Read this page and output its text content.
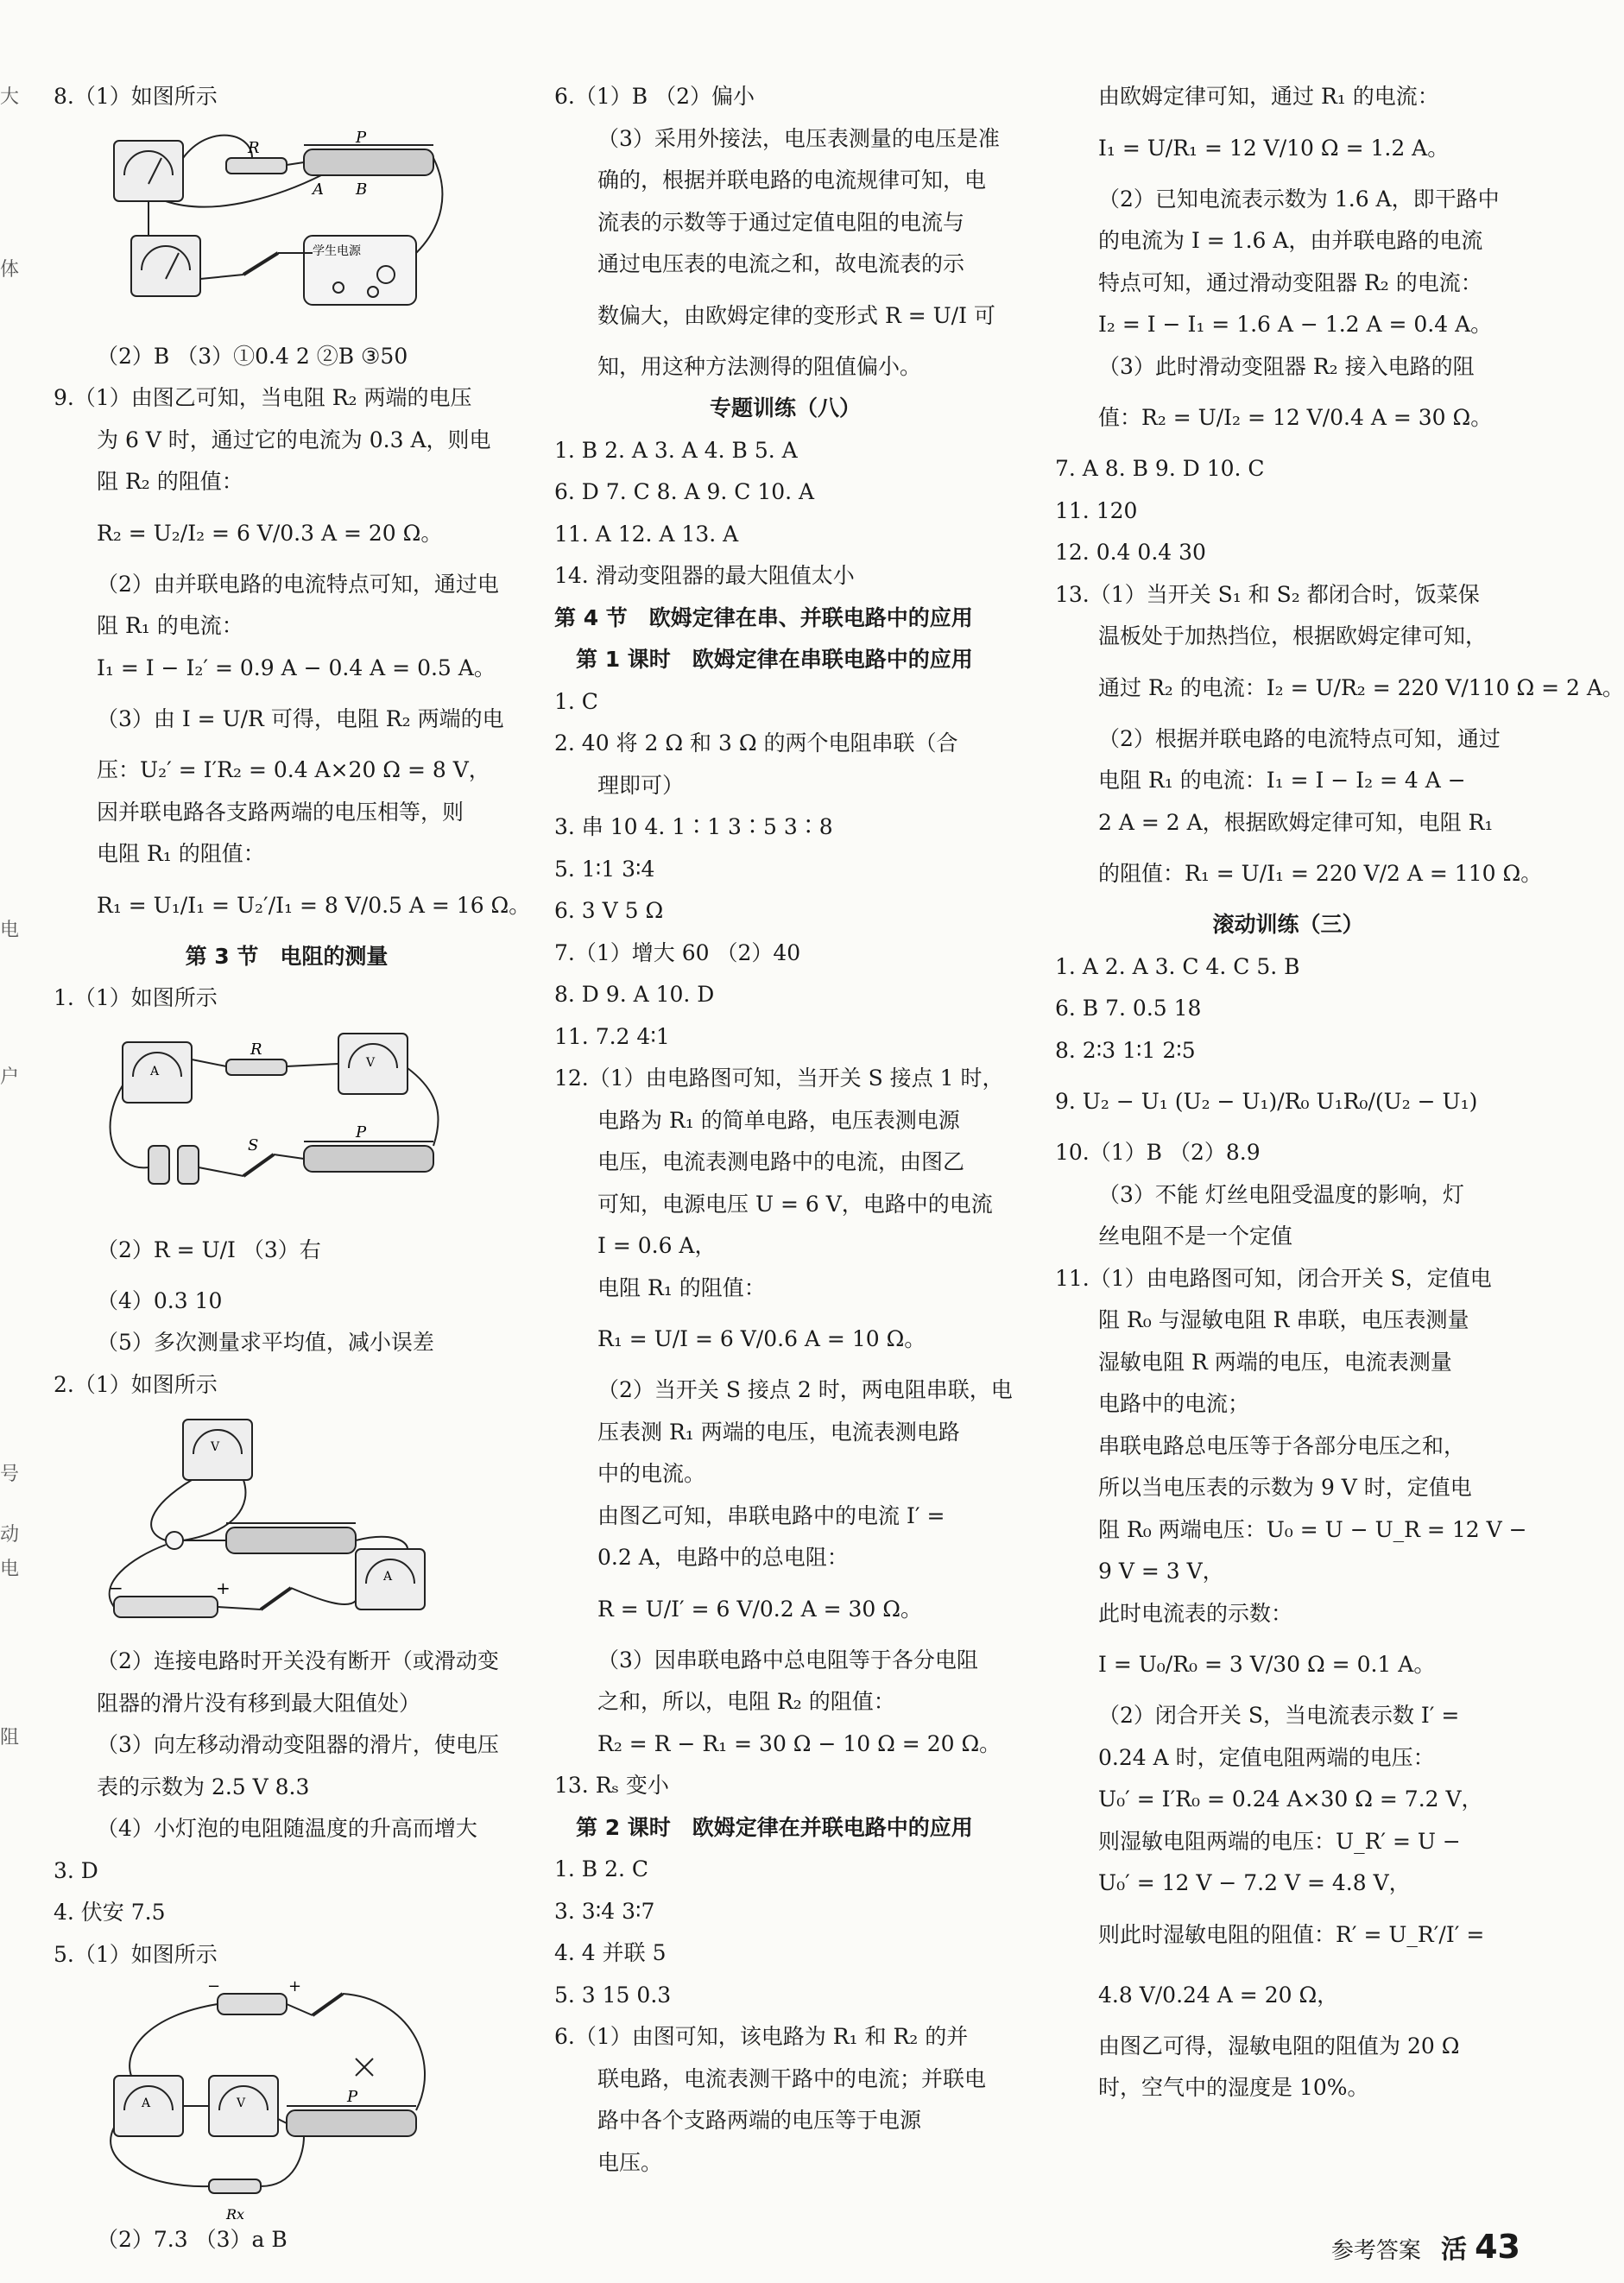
大
体
电
户
号
动
电
阻
8.（1）如图所示
R
P
A B
学生电源
（2）B （3）①0.4 2 ②B ③50
9.（1）由图乙可知，当电阻 R₂ 两端的电压
为 6 V 时，通过它的电流为 0.3 A，则电
阻 R₂ 的阻值：
R₂ = U₂/I₂ = 6 V/0.3 A = 20 Ω。
（2）由并联电路的电流特点可知，通过电
阻 R₁ 的电流：
I₁ = I − I₂′ = 0.9 A − 0.4 A = 0.5 A。
（3）由 I = U/R 可得，电阻 R₂ 两端的电
压：U₂′ = I′R₂ = 0.4 A×20 Ω = 8 V，
因并联电路各支路两端的电压相等，则
电阻 R₁ 的阻值：
R₁ = U₁/I₁ = U₂′/I₁ = 8 V/0.5 A = 16 Ω。
第 3 节　电阻的测量
1.（1）如图所示
R
P
S
A
V
（2）R = U/I （3）右
（4）0.3 10
（5）多次测量求平均值，减小误差
2.（1）如图所示
V
A
−	+
（2）连接电路时开关没有断开（或滑动变
阻器的滑片没有移到最大阻值处）
（3）向左移动滑动变阻器的滑片，使电压
表的示数为 2.5 V 8.3
（4）小灯泡的电阻随温度的升高而增大
3. D
4. 伏安 7.5
5.（1）如图所示
Rx
P
−	+
A	V
（2）7.3 （3）a B
6.（1）B （2）偏小
（3）采用外接法，电压表测量的电压是准
确的，根据并联电路的电流规律可知，电
流表的示数等于通过定值电阻的电流与
通过电压表的电流之和，故电流表的示
数偏大，由欧姆定律的变形式 R = U/I 可
知，用这种方法测得的阻值偏小。
专题训练（八）
1. B 2. A 3. A 4. B 5. A
6. D 7. C 8. A 9. C 10. A
11. A 12. A 13. A
14. 滑动变阻器的最大阻值太小
第 4 节　欧姆定律在串、并联电路中的应用
　第 1 课时　欧姆定律在串联电路中的应用
1. C
2. 40 将 2 Ω 和 3 Ω 的两个电阻串联（合
理即可）
3. 串 10 4. 1∶1 3∶5 3∶8
5. 1∶1 3∶4
6. 3 V 5 Ω
7.（1）增大 60 （2）40
8. D 9. A 10. D
11. 7.2 4∶1
12.（1）由电路图可知，当开关 S 接点 1 时，
电路为 R₁ 的简单电路，电压表测电源
电压，电流表测电路中的电流，由图乙
可知，电源电压 U = 6 V，电路中的电流
I = 0.6 A，
电阻 R₁ 的阻值：
R₁ = U/I = 6 V/0.6 A = 10 Ω。
（2）当开关 S 接点 2 时，两电阻串联，电
压表测 R₁ 两端的电压，电流表测电路
中的电流。
由图乙可知，串联电路中的电流 I′ =
0.2 A，电路中的总电阻：
R = U/I′ = 6 V/0.2 A = 30 Ω。
（3）因串联电路中总电阻等于各分电阻
之和，所以，电阻 R₂ 的阻值：
R₂ = R − R₁ = 30 Ω − 10 Ω = 20 Ω。
13. Rₛ 变小
　第 2 课时　欧姆定律在并联电路中的应用
1. B 2. C
3. 3∶4 3∶7
4. 4 并联 5
5. 3 15 0.3
6.（1）由图可知，该电路为 R₁ 和 R₂ 的并
联电路，电流表测干路中的电流；并联电
路中各个支路两端的电压等于电源
电压。
由欧姆定律可知，通过 R₁ 的电流：
I₁ = U/R₁ = 12 V/10 Ω = 1.2 A。
（2）已知电流表示数为 1.6 A，即干路中
的电流为 I = 1.6 A，由并联电路的电流
特点可知，通过滑动变阻器 R₂ 的电流：
I₂ = I − I₁ = 1.6 A − 1.2 A = 0.4 A。
（3）此时滑动变阻器 R₂ 接入电路的阻
值：R₂ = U/I₂ = 12 V/0.4 A = 30 Ω。
7. A 8. B 9. D 10. C
11. 120
12. 0.4 0.4 30
13.（1）当开关 S₁ 和 S₂ 都闭合时，饭菜保
温板处于加热挡位，根据欧姆定律可知，
通过 R₂ 的电流：I₂ = U/R₂ = 220 V/110 Ω = 2 A。
（2）根据并联电路的电流特点可知，通过
电阻 R₁ 的电流：I₁ = I − I₂ = 4 A −
2 A = 2 A，根据欧姆定律可知，电阻 R₁
的阻值：R₁ = U/I₁ = 220 V/2 A = 110 Ω。
滚动训练（三）
1. A 2. A 3. C 4. C 5. B
6. B 7. 0.5 18
8. 2∶3 1∶1 2∶5
9. U₂ − U₁ (U₂ − U₁)/R₀ U₁R₀/(U₂ − U₁)
10.（1）B （2）8.9
（3）不能 灯丝电阻受温度的影响，灯
丝电阻不是一个定值
11.（1）由电路图可知，闭合开关 S，定值电
阻 R₀ 与湿敏电阻 R 串联，电压表测量
湿敏电阻 R 两端的电压，电流表测量
电路中的电流；
串联电路总电压等于各部分电压之和，
所以当电压表的示数为 9 V 时，定值电
阻 R₀ 两端电压：U₀ = U − U_R = 12 V −
9 V = 3 V，
此时电流表的示数：
I = U₀/R₀ = 3 V/30 Ω = 0.1 A。
（2）闭合开关 S，当电流表示数 I′ =
0.24 A 时，定值电阻两端的电压：
U₀′ = I′R₀ = 0.24 A×30 Ω = 7.2 V，
则湿敏电阻两端的电压：U_R′ = U −
U₀′ = 12 V − 7.2 V = 4.8 V，
则此时湿敏电阻的阻值：R′ = U_R′/I′ =
4.8 V/0.24 A = 20 Ω，
由图乙可得，湿敏电阻的阻值为 20 Ω
时，空气中的湿度是 10%。
参考答案 活 43
